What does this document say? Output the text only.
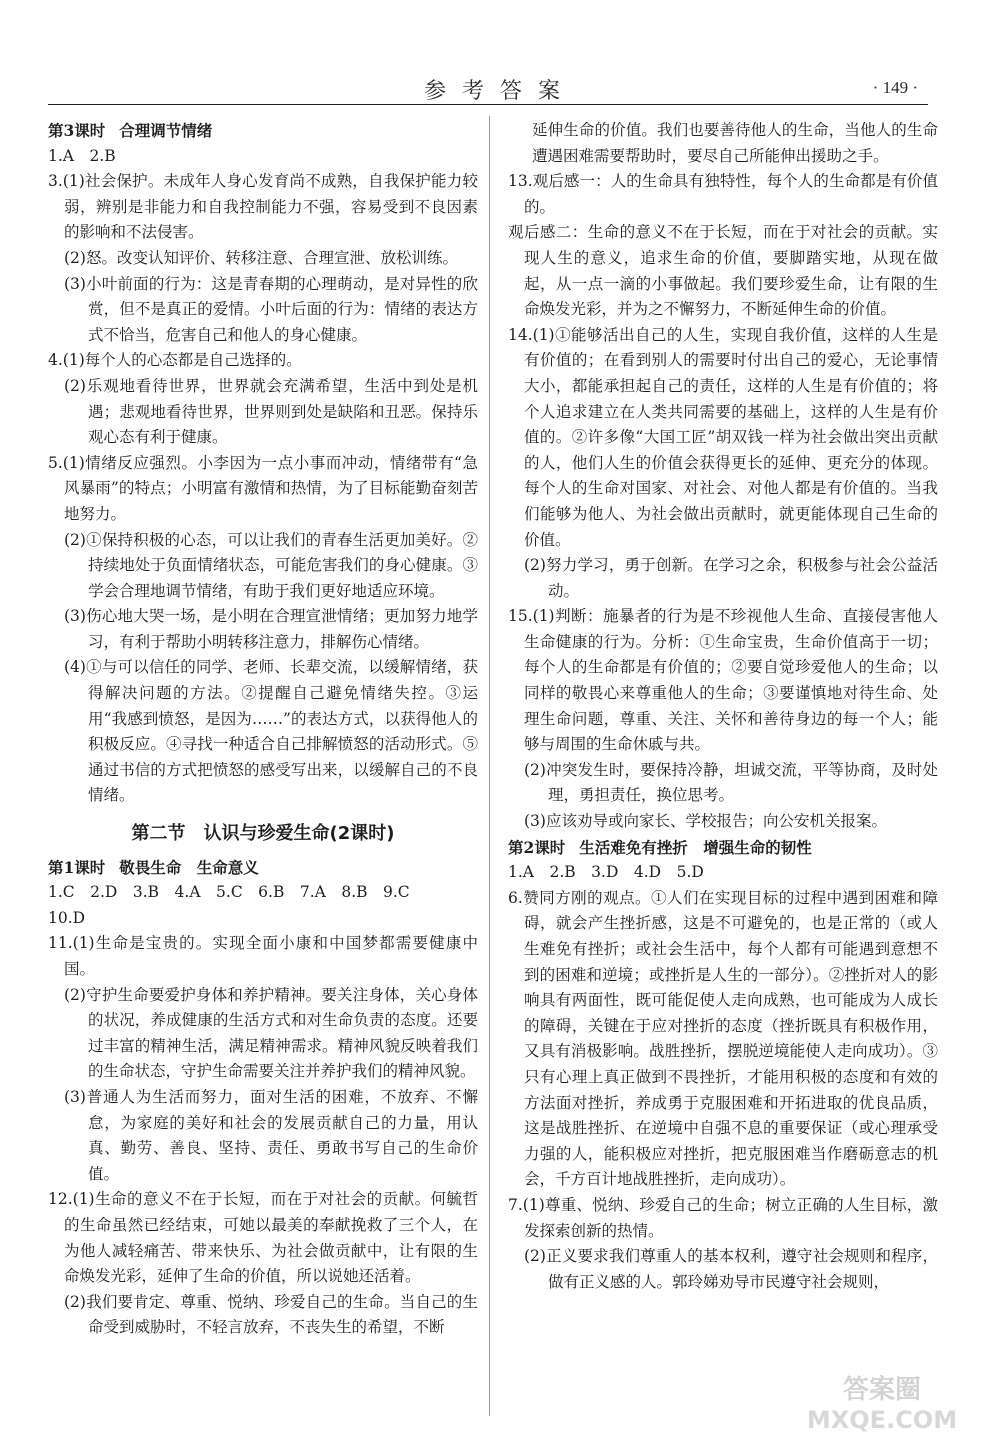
参考答案	· 149 ·
第3课时 合理调节情绪
1.A　2.B
3.(1)社会保护。未成年人身心发育尚不成熟，自我保护能力较弱，辨别是非能力和自我控制能力不强，容易受到不良因素的影响和不法侵害。
(2)怒。改变认知评价、转移注意、合理宣泄、放松训练。
(3)小叶前面的行为：这是青春期的心理萌动，是对异性的欣赏，但不是真正的爱情。小叶后面的行为：情绪的表达方式不恰当，危害自己和他人的身心健康。
4.(1)每个人的心态都是自己选择的。
(2)乐观地看待世界，世界就会充满希望，生活中到处是机遇；悲观地看待世界，世界则到处是缺陷和丑恶。保持乐观心态有利于健康。
5.(1)情绪反应强烈。小李因为一点小事而冲动，情绪带有“急风暴雨”的特点；小明富有激情和热情，为了目标能勤奋刻苦地努力。
(2)①保持积极的心态，可以让我们的青春生活更加美好。②持续地处于负面情绪状态，可能危害我们的身心健康。③学会合理地调节情绪，有助于我们更好地适应环境。
(3)伤心地大哭一场，是小明在合理宣泄情绪；更加努力地学习，有利于帮助小明转移注意力，排解伤心情绪。
(4)①与可以信任的同学、老师、长辈交流，以缓解情绪，获得解决问题的方法。②提醒自己避免情绪失控。③运用“我感到愤怒，是因为……”的表达方式，以获得他人的积极反应。④寻找一种适合自己排解愤怒的活动形式。⑤通过书信的方式把愤怒的感受写出来，以缓解自己的不良情绪。
第二节 认识与珍爱生命(2课时)
第1课时 敬畏生命　生命意义
1.C　2.D　3.B　4.A　5.C　6.B　7.A　8.B　9.C
10.D
11.(1)生命是宝贵的。实现全面小康和中国梦都需要健康中国。
(2)守护生命要爱护身体和养护精神。要关注身体，关心身体的状况，养成健康的生活方式和对生命负责的态度。还要过丰富的精神生活，满足精神需求。精神风貌反映着我们的生命状态，守护生命需要关注并养护我们的精神风貌。
(3)普通人为生活而努力，面对生活的困难，不放弃、不懈怠，为家庭的美好和社会的发展贡献自己的力量，用认真、勤劳、善良、坚持、责任、勇敢书写自己的生命价值。
12.(1)生命的意义不在于长短，而在于对社会的贡献。何毓哲的生命虽然已经结束，可她以最美的奉献挽救了三个人，在为他人减轻痛苦、带来快乐、为社会做贡献中，让有限的生命焕发光彩，延伸了生命的价值，所以说她还活着。
(2)我们要肯定、尊重、悦纳、珍爱自己的生命。当自己的生命受到威胁时，不轻言放弃，不丧失生的希望，不断
延伸生命的价值。我们也要善待他人的生命，当他人的生命遭遇困难需要帮助时，要尽自己所能伸出援助之手。
13.观后感一：人的生命具有独特性，每个人的生命都是有价值的。
观后感二：生命的意义不在于长短，而在于对社会的贡献。实现人生的意义，追求生命的价值，要脚踏实地，从现在做起，从一点一滴的小事做起。我们要珍爱生命，让有限的生命焕发光彩，并为之不懈努力，不断延伸生命的价值。
14.(1)①能够活出自己的人生，实现自我价值，这样的人生是有价值的；在看到别人的需要时付出自己的爱心，无论事情大小，都能承担起自己的责任，这样的人生是有价值的；将个人追求建立在人类共同需要的基础上，这样的人生是有价值的。②许多像“大国工匠”胡双钱一样为社会做出突出贡献的人，他们人生的价值会获得更长的延伸、更充分的体现。每个人的生命对国家、对社会、对他人都是有价值的。当我们能够为他人、为社会做出贡献时，就更能体现自己生命的价值。
(2)努力学习，勇于创新。在学习之余，积极参与社会公益活动。
15.(1)判断：施暴者的行为是不珍视他人生命、直接侵害他人生命健康的行为。分析：①生命宝贵，生命价值高于一切；每个人的生命都是有价值的；②要自觉珍爱他人的生命；以同样的敬畏心来尊重他人的生命；③要谨慎地对待生命、处理生命问题，尊重、关注、关怀和善待身边的每一个人；能够与周围的生命休戚与共。
(2)冲突发生时，要保持冷静，坦诚交流，平等协商，及时处理，勇担责任，换位思考。
(3)应该劝导或向家长、学校报告；向公安机关报案。
第2课时 生活难免有挫折　增强生命的韧性
1.A　2.B　3.D　4.D　5.D
6.赞同方刚的观点。①人们在实现目标的过程中遇到困难和障碍，就会产生挫折感，这是不可避免的，也是正常的（或人生难免有挫折；或社会生活中，每个人都有可能遇到意想不到的困难和逆境；或挫折是人生的一部分）。②挫折对人的影响具有两面性，既可能促使人走向成熟，也可能成为人成长的障碍，关键在于应对挫折的态度（挫折既具有积极作用，又具有消极影响。战胜挫折，摆脱逆境能使人走向成功）。③只有心理上真正做到不畏挫折，才能用积极的态度和有效的方法面对挫折，养成勇于克服困难和开拓进取的优良品质，这是战胜挫折、在逆境中自强不息的重要保证（或心理承受力强的人，能积极应对挫折，把克服困难当作磨砺意志的机会，千方百计地战胜挫折，走向成功）。
7.(1)尊重、悦纳、珍爱自己的生命；树立正确的人生目标，激发探索创新的热情。
(2)正义要求我们尊重人的基本权利，遵守社会规则和程序，做有正义感的人。郭玲娣劝导市民遵守社会规则，
答案圈
MXQE.COM
